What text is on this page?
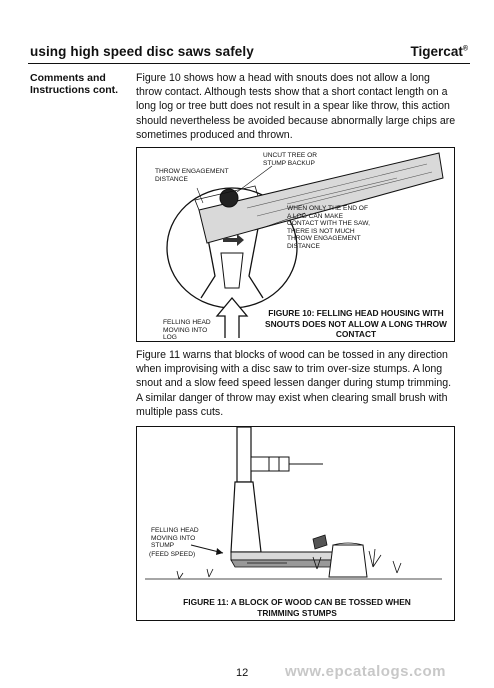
using high speed disc saws safely	Tigercat®
Comments and Instructions cont.
Figure 10 shows how a head with snouts does not allow a long throw contact. Although tests show that a short contact length on a long log or tree butt does not result in a spear like throw, this action should nevertheless be avoided because abnormally large chips are sometimes produced and thrown.
UNCUT TREE OR STUMP BACKUP
THROW ENGAGEMENT DISTANCE
WHEN ONLY THE END OF A LOG CAN MAKE CONTACT WITH THE SAW, THERE IS NOT MUCH THROW ENGAGEMENT DISTANCE
FELLING HEAD MOVING INTO LOG
FIGURE 10: FELLING HEAD HOUSING WITH SNOUTS DOES NOT ALLOW A LONG THROW CONTACT
Figure 11 warns that blocks of wood can be tossed in any direction when improvising with a disc saw to trim over-size stumps. A long snout and a slow feed speed lessen danger during stump trimming. A similar danger of throw may exist when clearing small brush with multiple pass cuts.
FELLING HEAD MOVING INTO STUMP
(FEED SPEED)
FIGURE 11: A BLOCK OF WOOD CAN BE TOSSED WHEN TRIMMING STUMPS
12 www.epcatalogs.com
